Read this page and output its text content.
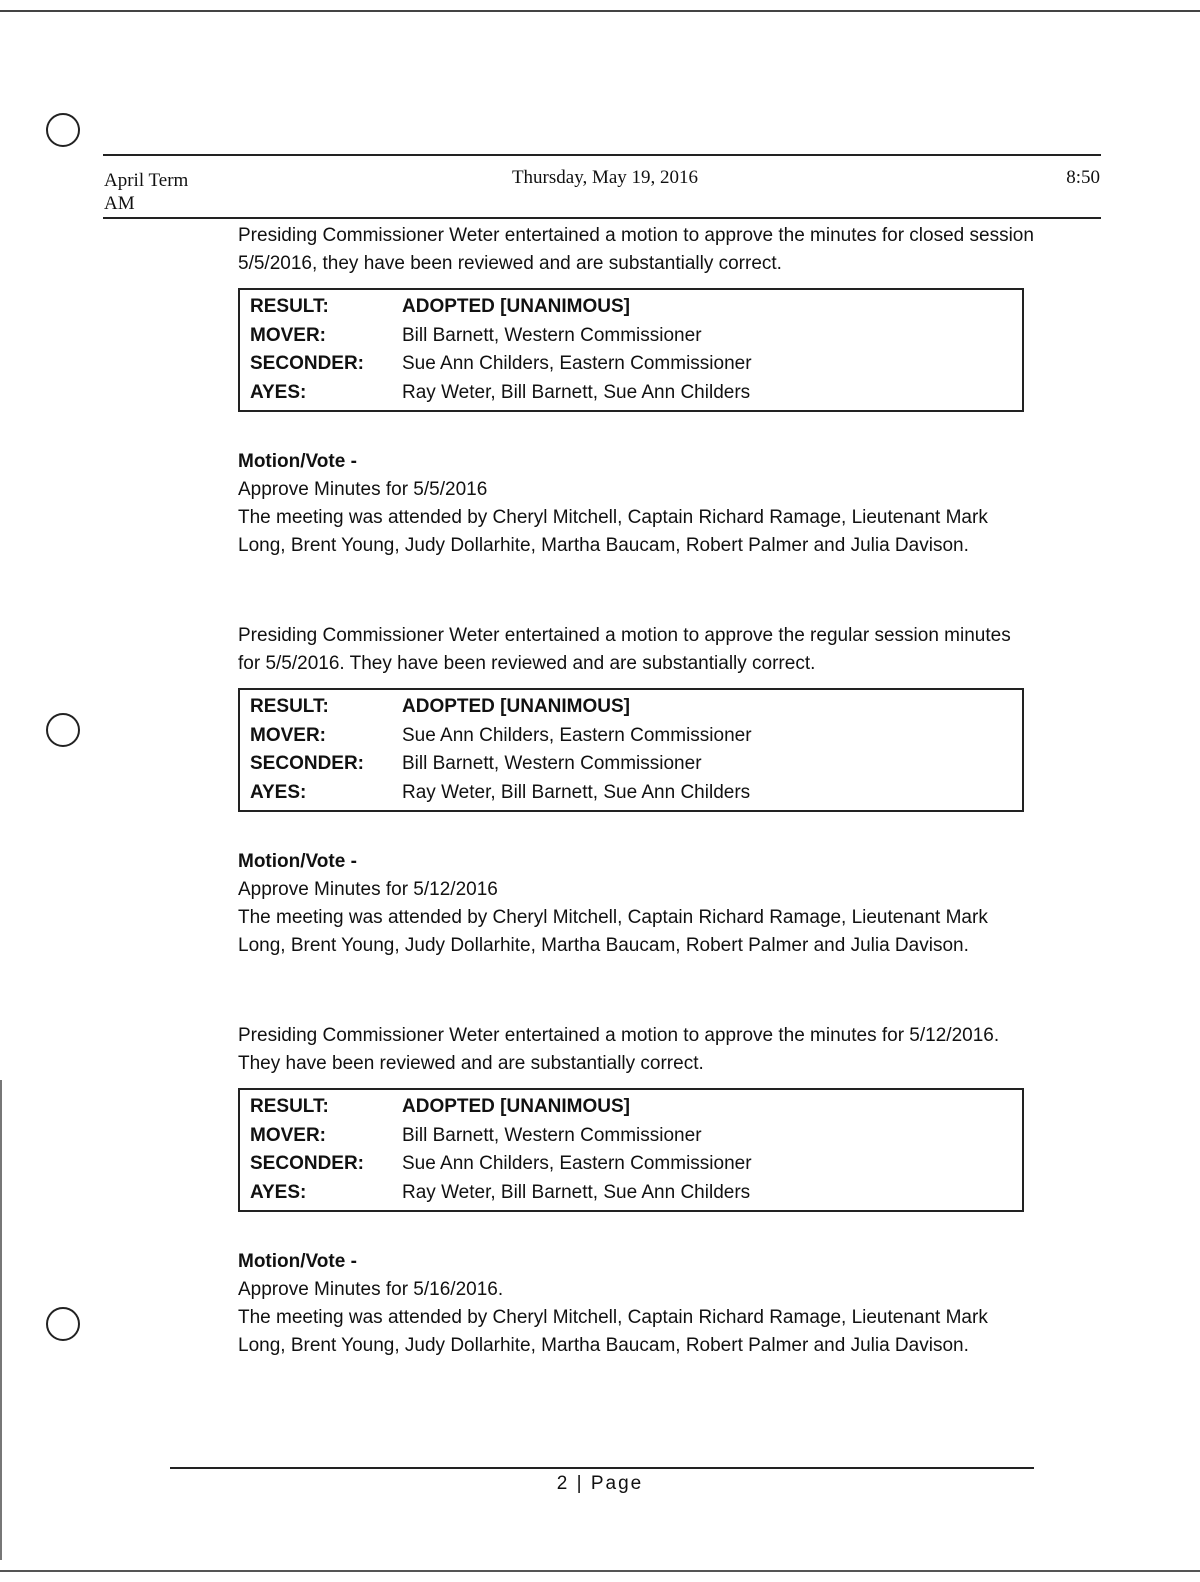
April Term
AM
Thursday, May 19, 2016	8:50

Presiding Commissioner Weter entertained a motion to approve the minutes for closed session 5/5/2016, they have been reviewed and are substantially correct.

RESULT:	ADOPTED [UNANIMOUS]
MOVER:	Bill Barnett, Western Commissioner
SECONDER:	Sue Ann Childers, Eastern Commissioner
AYES:	Ray Weter, Bill Barnett, Sue Ann Childers

Motion/Vote -

Approve Minutes for 5/5/2016

The meeting was attended by Cheryl Mitchell, Captain Richard Ramage, Lieutenant Mark Long, Brent Young, Judy Dollarhite, Martha Baucam, Robert Palmer and Julia Davison.

Presiding Commissioner Weter entertained a motion to approve the regular session minutes for 5/5/2016. They have been reviewed and are substantially correct.

RESULT:	ADOPTED [UNANIMOUS]
MOVER:	Sue Ann Childers, Eastern Commissioner
SECONDER:	Bill Barnett, Western Commissioner
AYES:	Ray Weter, Bill Barnett, Sue Ann Childers

Motion/Vote -

Approve Minutes for 5/12/2016

The meeting was attended by Cheryl Mitchell, Captain Richard Ramage, Lieutenant Mark Long, Brent Young, Judy Dollarhite, Martha Baucam, Robert Palmer and Julia Davison.

Presiding Commissioner Weter entertained a motion to approve the minutes for 5/12/2016. They have been reviewed and are substantially correct.

RESULT:	ADOPTED [UNANIMOUS]
MOVER:	Bill Barnett, Western Commissioner
SECONDER:	Sue Ann Childers, Eastern Commissioner
AYES:	Ray Weter, Bill Barnett, Sue Ann Childers

Motion/Vote -

Approve Minutes for 5/16/2016.

The meeting was attended by Cheryl Mitchell, Captain Richard Ramage, Lieutenant Mark Long, Brent Young, Judy Dollarhite, Martha Baucam, Robert Palmer and Julia Davison.

2 | Page
